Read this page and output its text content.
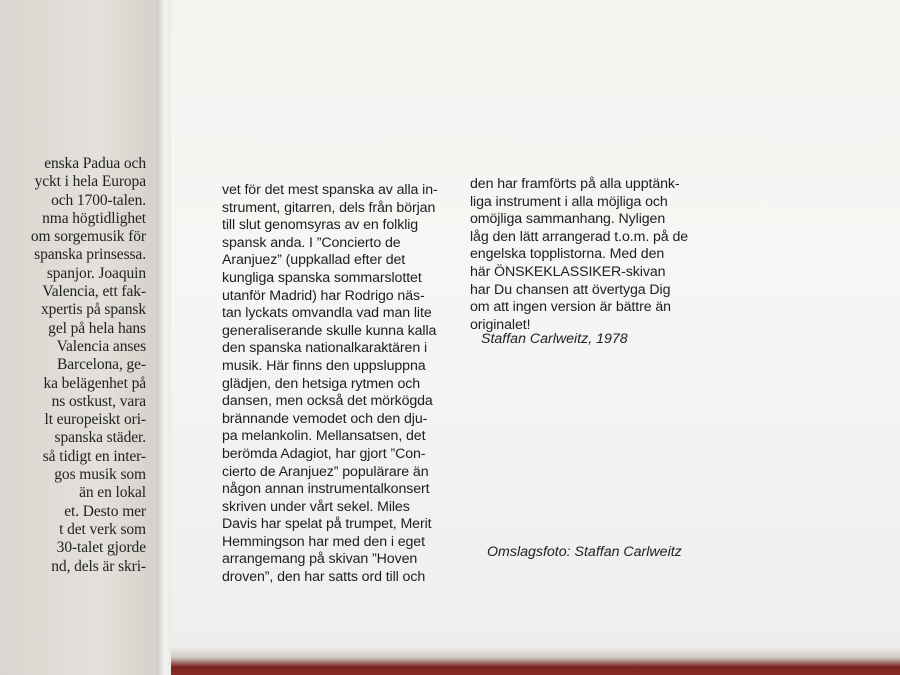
enska Padua och
yckt i hela Europa
och 1700-talen.
nma högtidlighet
om sorgemusik för
spanska prinsessa.
spanjor. Joaquin
Valencia, ett fak-
xpertis på spansk
gel på hela hans
Valencia anses
Barcelona, ge-
ka belägenhet på
ns ostkust, vara
lt europeiskt ori-
spanska städer.
så tidigt en inter-
gos musik som
än en lokal
et. Desto mer
t det verk som
30-talet gjorde
nd, dels är skri-
vet för det mest spanska av alla in-
strument, gitarren, dels från början
till slut genomsyras av en folklig
spansk anda. I ”Concierto de
Aranjuez” (uppkallad efter det
kungliga spanska sommarslottet
utanför Madrid) har Rodrigo näs-
tan lyckats omvandla vad man lite
generaliserande skulle kunna kalla
den spanska nationalkaraktären i
musik. Här finns den uppsluppna
glädjen, den hetsiga rytmen och
dansen, men också det mörkögda
brännande vemodet och den dju-
pa melankolin. Mellansatsen, det
berömda Adagiot, har gjort ”Con-
cierto de Aranjuez” populärare än
någon annan instrumentalkonsert
skriven under vårt sekel. Miles
Davis har spelat på trumpet, Merit
Hemmingson har med den i eget
arrangemang på skivan ”Hoven
droven”, den har satts ord till och
den har framförts på alla upptänk-
liga instrument i alla möjliga och
omöjliga sammanhang. Nyligen
låg den lätt arrangerad t.o.m. på de
engelska topplistorna. Med den
här ÖNSKEKLASSIKER-skivan
har Du chansen att övertyga Dig
om att ingen version är bättre än
originalet!
Staffan Carlweitz, 1978
Omslagsfoto: Staffan Carlweitz
